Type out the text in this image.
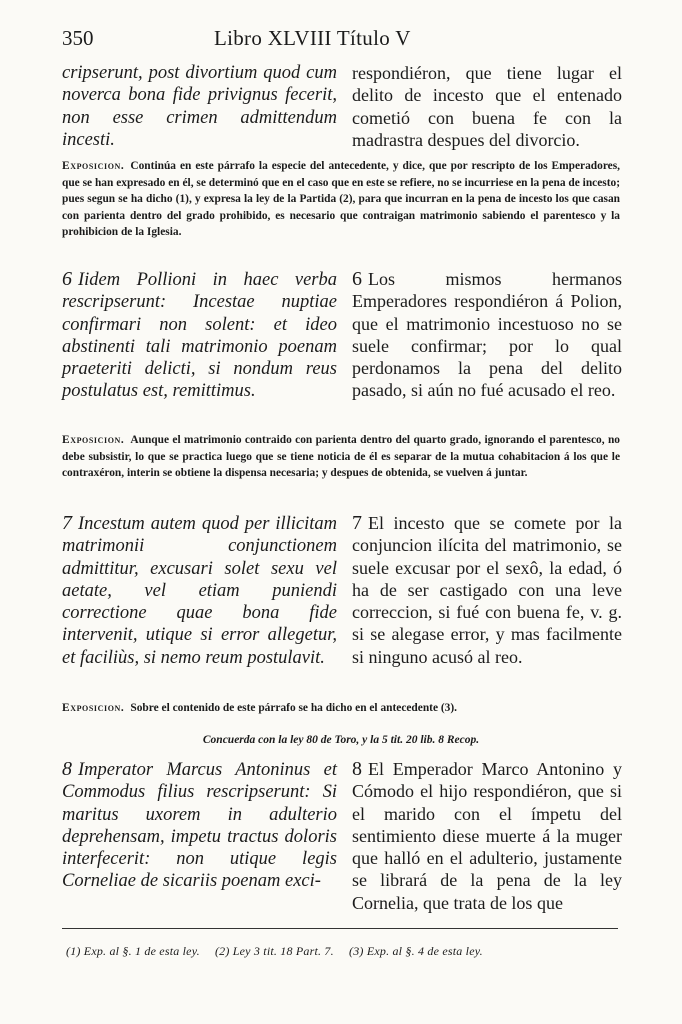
350	Libro XLVIII Título V
cripserunt, post divortium quod cum noverca bona fide privignus fecerit, non esse crimen admittendum incesti.
respondiéron, que tiene lugar el delito de incesto que el entenado cometió con buena fe con la madrastra despues del divorcio.
Exposicion. Continúa en este párrafo la especie del antecedente, y dice, que por rescripto de los Emperadores, que se han expresado en él, se determinó que en el caso que en este se refiere, no se incurriese en la pena de incesto; pues segun se ha dicho (1), y expresa la ley de la Partida (2), para que incurran en la pena de incesto los que casan con parienta dentro del grado prohibido, es necesario que contraigan matrimonio sabiendo el parentesco y la prohibicion de la Iglesia.
6 Iidem Pollioni in haec verba rescripserunt: Incestae nuptiae confirmari non solent: et ideo abstinenti tali matrimonio poenam praeteriti delicti, si nondum reus postulatus est, remittimus.
6 Los mismos hermanos Emperadores respondiéron á Polion, que el matrimonio incestuoso no se suele confirmar; por lo qual perdonamos la pena del delito pasado, si aún no fué acusado el reo.
Exposicion. Aunque el matrimonio contraido con parienta dentro del quarto grado, ignorando el parentesco, no debe subsistir, lo que se practica luego que se tiene noticia de él es separar de la mutua cohabitacion á los que le contraxéron, interin se obtiene la dispensa necesaria; y despues de obtenida, se vuelven á juntar.
7 Incestum autem quod per illicitam matrimonii conjunctionem admittitur, excusari solet sexu vel aetate, vel etiam puniendi correctione quae bona fide intervenit, utique si error allegetur, et faciliùs, si nemo reum postulavit.
7 El incesto que se comete por la conjuncion ilícita del matrimonio, se suele excusar por el sexô, la edad, ó ha de ser castigado con una leve correccion, si fué con buena fe, v. g. si se alegase error, y mas facilmente si ninguno acusó al reo.
Exposicion. Sobre el contenido de este párrafo se ha dicho en el antecedente (3).
Concuerda con la ley 80 de Toro, y la 5 tit. 20 lib. 8 Recop.
8 Imperator Marcus Antoninus et Commodus filius rescripserunt: Si maritus uxorem in adulterio deprehensam, impetu tractus doloris interfecerit: non utique legis Corneliae de sicariis poenam exci-
8 El Emperador Marco Antonino y Cómodo el hijo respondiéron, que si el marido con el ímpetu del sentimiento diese muerte á la muger que halló en el adulterio, justamente se librará de la pena de la ley Cornelia, que trata de los que
(1) Exp. al §. 1 de esta ley. (2) Ley 3 tit. 18 Part. 7. (3) Exp. al §. 4 de esta ley.
